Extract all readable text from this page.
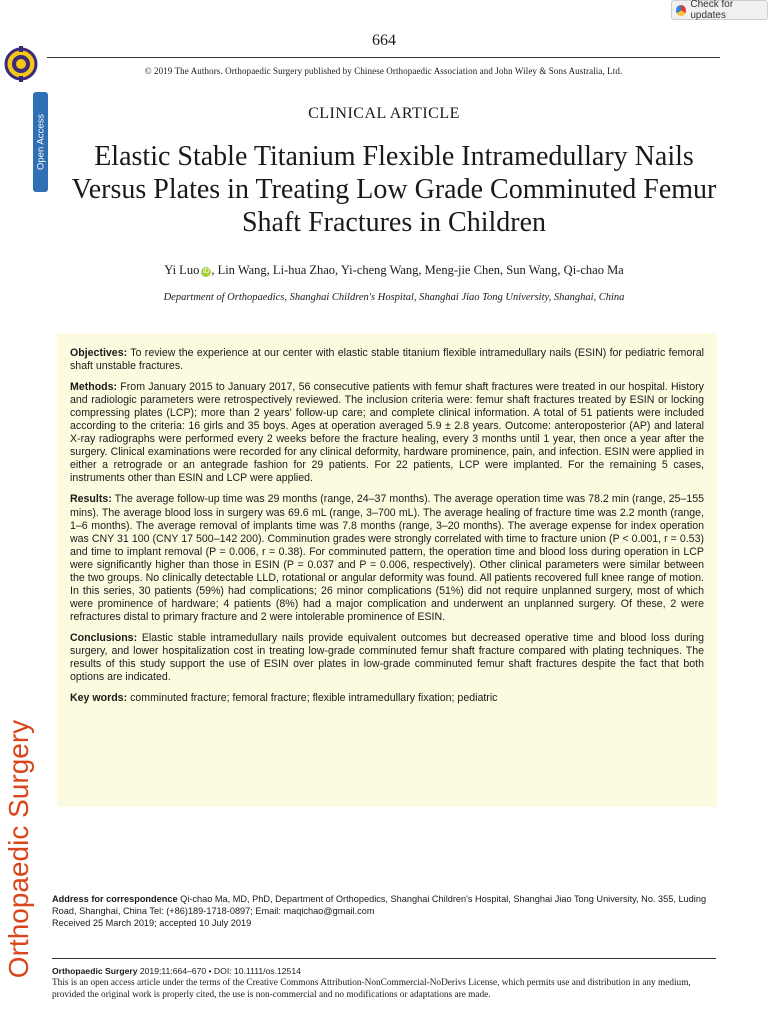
Check for updates
Open Access
Orthopaedic Surgery
664
© 2019 The Authors. Orthopaedic Surgery published by Chinese Orthopaedic Association and John Wiley & Sons Australia, Ltd.
CLINICAL ARTICLE
Elastic Stable Titanium Flexible Intramedullary Nails Versus Plates in Treating Low Grade Comminuted Femur Shaft Fractures in Children
Yi Luo iD , Lin Wang, Li-hua Zhao, Yi-cheng Wang, Meng-jie Chen, Sun Wang, Qi-chao Ma
Department of Orthopaedics, Shanghai Children's Hospital, Shanghai Jiao Tong University, Shanghai, China

Objectives: To review the experience at our center with elastic stable titanium flexible intramedullary nails (ESIN) for pediatric femoral shaft unstable fractures.

Methods: From January 2015 to January 2017, 56 consecutive patients with femur shaft fractures were treated in our hospital. History and radiologic parameters were retrospectively reviewed. The inclusion criteria were: femur shaft fractures treated by ESIN or locking compressing plates (LCP); more than 2 years' follow-up care; and complete clinical information. A total of 51 patients were included according to the criteria: 16 girls and 35 boys. Ages at operation averaged 5.9 ± 2.8 years. Outcome: anteroposterior (AP) and lateral X-ray radiographs were performed every 2 weeks before the fracture healing, every 3 months until 1 year, then once a year after the surgery. Clinical examinations were recorded for any clinical deformity, hardware prominence, pain, and infection. ESIN were applied in either a retrograde or an antegrade fashion for 29 patients. For 22 patients, LCP were implanted. For the remaining 5 cases, instruments other than ESIN and LCP were applied.

Results: The average follow-up time was 29 months (range, 24–37 months). The average operation time was 78.2 min (range, 25–155 mins). The average blood loss in surgery was 69.6 mL (range, 3–700 mL). The average healing of fracture time was 2.2 month (range, 1–6 months). The average removal of implants time was 7.8 months (range, 3–20 months). The average expense for index operation was CNY 31 100 (CNY 17 500–142 200). Comminution grades were strongly correlated with time to fracture union (P < 0.001, r = 0.53) and time to implant removal (P = 0.006, r = 0.38). For comminuted pattern, the operation time and blood loss during operation in LCP were significantly higher than those in ESIN (P = 0.037 and P = 0.006, respectively). Other clinical parameters were similar between the two groups. No clinically detectable LLD, rotational or angular deformity was found. All patients recovered full knee range of motion. In this series, 30 patients (59%) had complications; 26 minor complications (51%) did not require unplanned surgery, most of which were prominence of hardware; 4 patients (8%) had a major complication and underwent an unplanned surgery. Of these, 2 were refractures distal to primary fracture and 2 were intolerable prominence of ESIN.

Conclusions: Elastic stable intramedullary nails provide equivalent outcomes but decreased operative time and blood loss during surgery, and lower hospitalization cost in treating low-grade comminuted femur shaft fracture compared with plating techniques. The results of this study support the use of ESIN over plates in low-grade comminuted femur shaft fractures despite the fact that both options are indicated.

Key words: comminuted fracture; femoral fracture; flexible intramedullary fixation; pediatric

Address for correspondence Qi-chao Ma, MD, PhD, Department of Orthopedics, Shanghai Children's Hospital, Shanghai Jiao Tong University, No. 355, Luding Road, Shanghai, China Tel: (+86)189-1718-0897; Email: maqichao@gmail.com
Received 25 March 2019; accepted 10 July 2019
Orthopaedic Surgery 2019;11:664–670 • DOI: 10.1111/os.12514
This is an open access article under the terms of the Creative Commons Attribution-NonCommercial-NoDerivs License, which permits use and distribution in any medium, provided the original work is properly cited, the use is non-commercial and no modifications or adaptations are made.
